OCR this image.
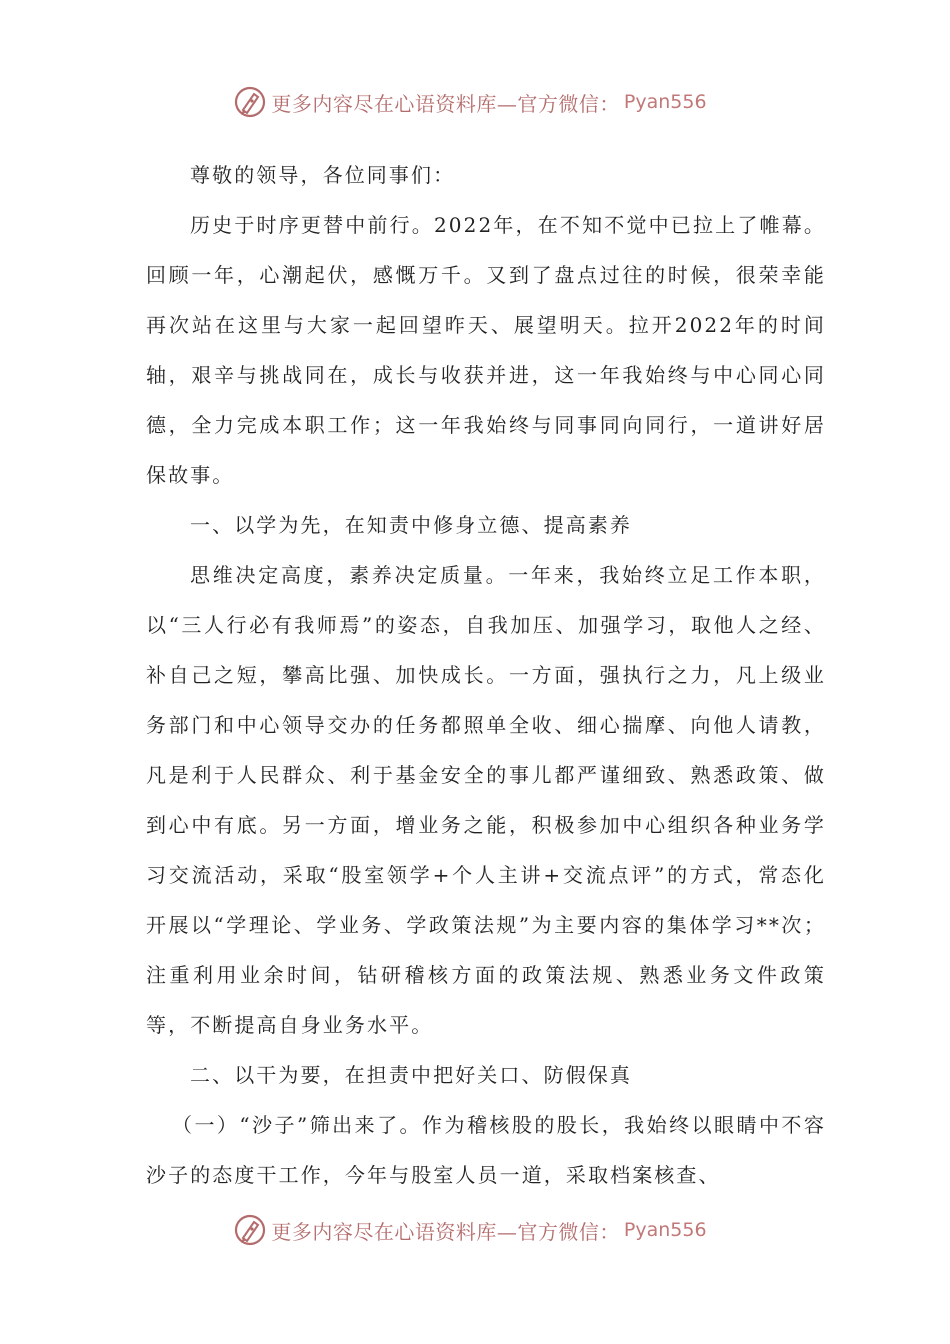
更多内容尽在心语资料库—官方微信： Pyan556

尊敬的领导，各位同事们：

历史于时序更替中前行。2022年，在不知不觉中已拉上了帷幕。回顾一年，心潮起伏，感慨万千。又到了盘点过往的时候，很荣幸能再次站在这里与大家一起回望昨天、展望明天。拉开2022年的时间轴，艰辛与挑战同在，成长与收获并进，这一年我始终与中心同心同德，全力完成本职工作；这一年我始终与同事同向同行，一道讲好居保故事。

一、以学为先，在知责中修身立德、提高素养

思维决定高度，素养决定质量。一年来，我始终立足工作本职，以“三人行必有我师焉”的姿态，自我加压、加强学习，取他人之经、补自己之短，攀高比强、加快成长。一方面，强执行之力，凡上级业务部门和中心领导交办的任务都照单全收、细心揣摩、向他人请教，凡是利于人民群众、利于基金安全的事儿都严谨细致、熟悉政策、做到心中有底。另一方面，增业务之能，积极参加中心组织各种业务学习交流活动，采取“股室领学+个人主讲+交流点评”的方式，常态化开展以“学理论、学业务、学政策法规”为主要内容的集体学习**次；注重利用业余时间，钻研稽核方面的政策法规、熟悉业务文件政策等，不断提高自身业务水平。

二、以干为要，在担责中把好关口、防假保真

（一）“沙子”筛出来了。作为稽核股的股长，我始终以眼睛中不容沙子的态度干工作，今年与股室人员一道，采取档案核查、

更多内容尽在心语资料库—官方微信： Pyan556
